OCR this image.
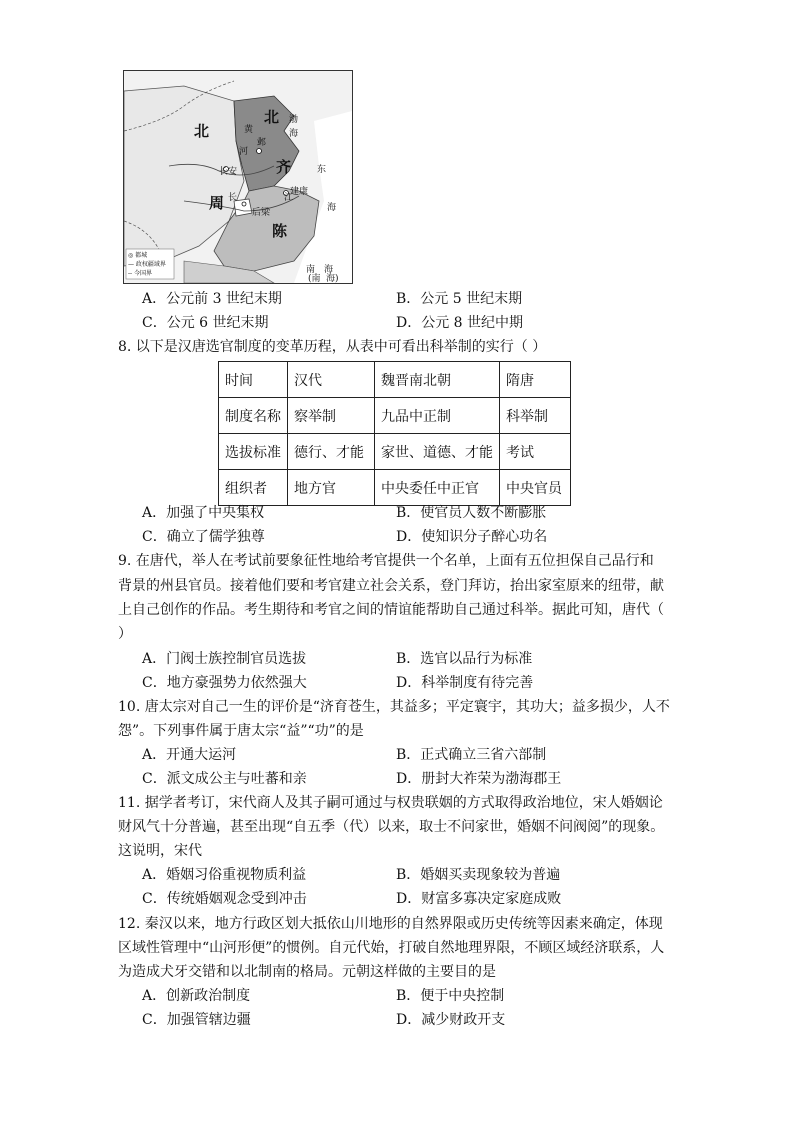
北
周
北
齐
陈
黄
河
邺
渤
海
东
海
长安
长	江
后梁
建康
南 海
(南 海)
◎ 都城
— 政权疆域界
-- 今国界
A．公元前 3 世纪末期	B．公元 5 世纪末期
C．公元 6 世纪末期	D．公元 8 世纪中期
8. 以下是汉唐选官制度的变革历程，从表中可看出科举制的实行（ ）
时间	汉代	魏晋南北朝	隋唐
制度名称	察举制	九品中正制	科举制
选拔标准	德行、才能	家世、道德、才能	考试
组织者	地方官	中央委任中正官	中央官员
A．加强了中央集权	B．使官员人数不断膨胀
C．确立了儒学独尊	D．使知识分子醉心功名
9. 在唐代，举人在考试前要象征性地给考官提供一个名单，上面有五位担保自己品行和
背景的州县官员。接着他们要和考官建立社会关系，登门拜访，抬出家室原来的纽带，献
上自己创作的作品。考生期待和考官之间的情谊能帮助自己通过科举。据此可知，唐代（
）
A．门阀士族控制官员选拔	B．选官以品行为标准
C．地方豪强势力依然强大	D．科举制度有待完善
10. 唐太宗对自己一生的评价是“济育苍生，其益多；平定寰宇，其功大；益多损少，人不
怨”。下列事件属于唐太宗“益”“功”的是
A．开通大运河	B．正式确立三省六部制
C．派文成公主与吐蕃和亲	D．册封大祚荣为渤海郡王
11. 据学者考订，宋代商人及其子嗣可通过与权贵联姻的方式取得政治地位，宋人婚姻论
财风气十分普遍，甚至出现“自五季（代）以来，取士不问家世，婚姻不问阀阅”的现象。
这说明，宋代
A．婚姻习俗重视物质利益	B．婚姻买卖现象较为普遍
C．传统婚姻观念受到冲击	D．财富多寡决定家庭成败
12. 秦汉以来，地方行政区划大抵依山川地形的自然界限或历史传统等因素来确定，体现
区域性管理中“山河形便”的惯例。自元代始，打破自然地理界限，不顾区域经济联系，人
为造成犬牙交错和以北制南的格局。元朝这样做的主要目的是
A．创新政治制度	B．便于中央控制
C．加强管辖边疆	D．减少财政开支
